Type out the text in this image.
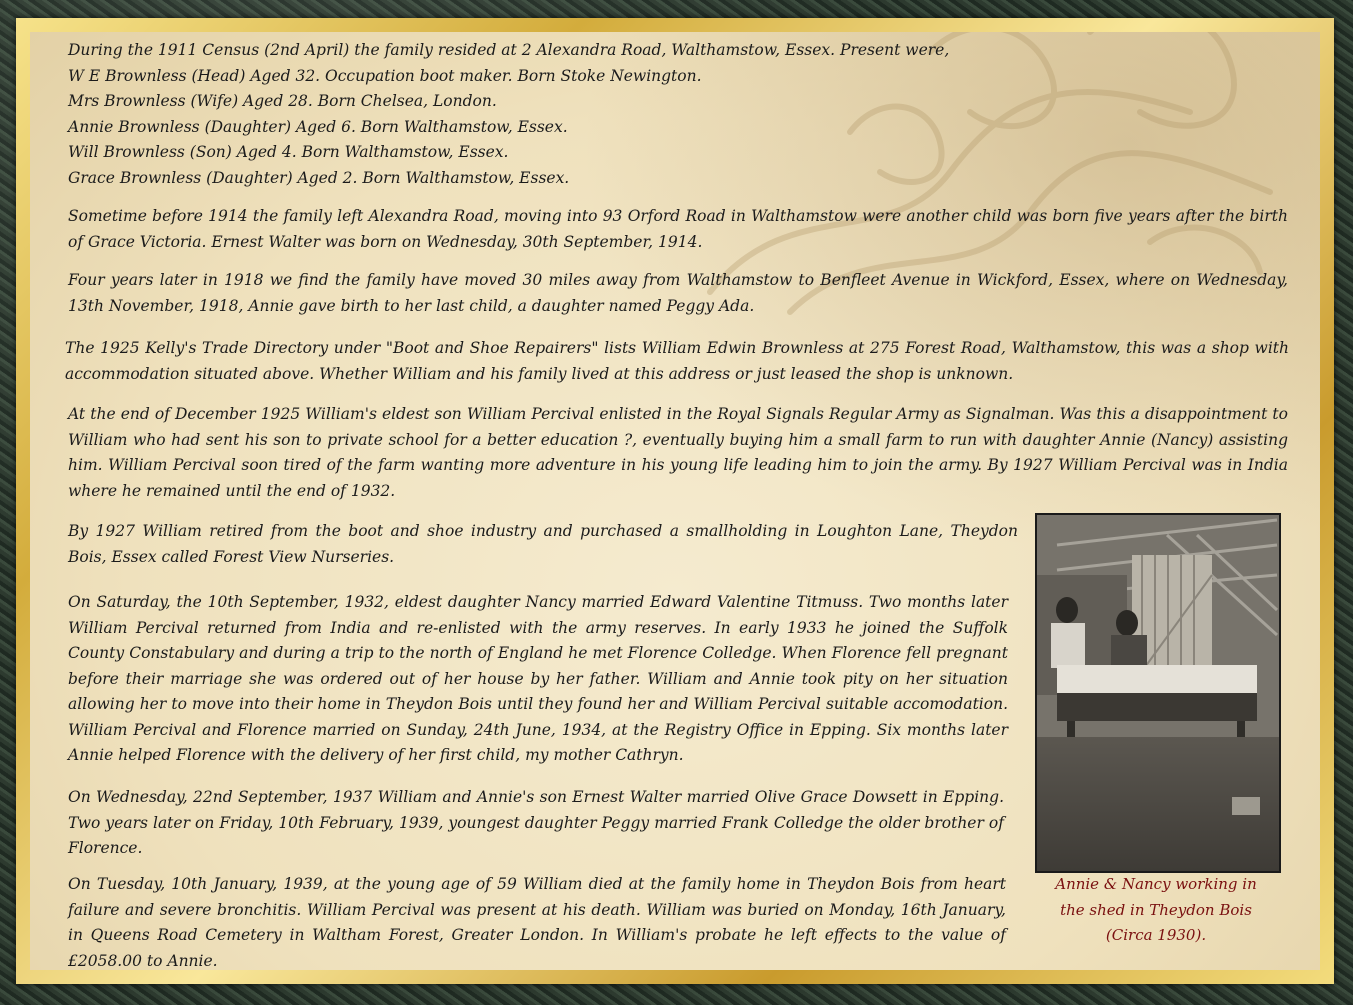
During the 1911 Census (2nd April) the family resided at 2 Alexandra Road, Walthamstow, Essex. Present were,
W E Brownless (Head) Aged 32. Occupation boot maker. Born Stoke Newington.
Mrs Brownless (Wife) Aged 28. Born Chelsea, London.
Annie Brownless (Daughter) Aged 6. Born Walthamstow, Essex.
Will Brownless (Son) Aged 4. Born Walthamstow, Essex.
Grace Brownless (Daughter) Aged 2. Born Walthamstow, Essex.

Sometime before 1914 the family left Alexandra Road, moving into 93 Orford Road in Walthamstow were another child was born five years after the birth of Grace Victoria. Ernest Walter was born on Wednesday, 30th September, 1914.

Four years later in 1918 we find the family have moved 30 miles away from Walthamstow to Benfleet Avenue in Wickford, Essex, where on Wednesday, 13th November, 1918, Annie gave birth to her last child, a daughter named Peggy Ada.

The 1925 Kelly's Trade Directory under "Boot and Shoe Repairers" lists William Edwin Brownless at 275 Forest Road, Walthamstow, this was a shop with accommodation situated above. Whether William and his family lived at this address or just leased the shop is unknown.

At the end of December 1925 William's eldest son William Percival enlisted in the Royal Signals Regular Army as Signalman. Was this a disappointment to William who had sent his son to private school for a better education ?, eventually buying him a small farm to run with daughter Annie (Nancy) assisting him. William Percival soon tired of the farm wanting more adventure in his young life leading him to join the army. By 1927 William Percival was in India where he remained until the end of 1932.

By 1927 William retired from the boot and shoe industry and purchased a smallholding in Loughton Lane, Theydon Bois, Essex called Forest View Nurseries.

On Saturday, the 10th September, 1932, eldest daughter Nancy married Edward Valentine Titmuss. Two months later William Percival returned from India and re-enlisted with the army reserves. In early 1933 he joined the Suffolk County Constabulary and during a trip to the north of England he met Florence Colledge. When Florence fell pregnant before their marriage she was ordered out of her house by her father. William and Annie took pity on her situation allowing her to move into their home in Theydon Bois until they found her and William Percival suitable accomodation. William Percival and Florence married on Sunday, 24th June, 1934, at the Registry Office in Epping. Six months later Annie helped Florence with the delivery of her first child, my mother Cathryn.

On Wednesday, 22nd September, 1937 William and Annie's son Ernest Walter married Olive Grace Dowsett in Epping. Two years later on Friday, 10th February, 1939, youngest daughter Peggy married Frank Colledge the older brother of Florence.

On Tuesday, 10th January, 1939, at the young age of 59 William died at the family home in Theydon Bois from heart failure and severe bronchitis. William Percival was present at his death. William was buried on Monday, 16th January, in Queens Road Cemetery in Waltham Forest, Greater London. In William's probate he left effects to the value of £2058.00 to Annie.

Annie & Nancy working in
the shed in Theydon Bois
(Circa 1930).
